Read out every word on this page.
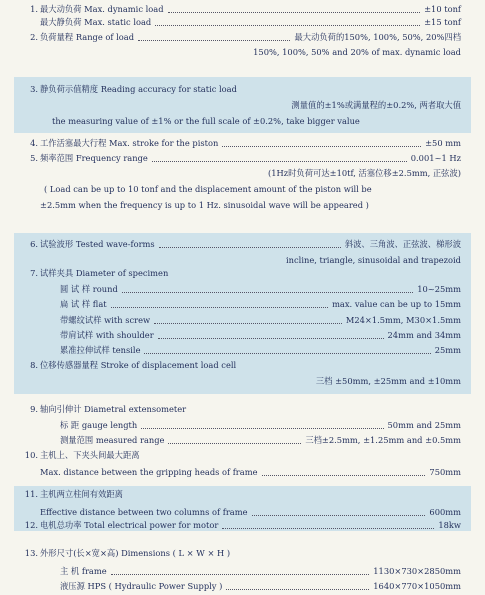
1. 最大动负荷 Max. dynamic load	±10 tonf
最大静负荷 Max. static load	±15 tonf
2. 负荷量程 Range of load	最大动负荷的150%, 100%, 50%, 20%四档
150%, 100%, 50% and 20% of max. dynamic load
3. 静负荷示值精度 Reading accuracy for static load
测量值的±1%或满量程的±0.2%, 两者取大值
the measuring value of ±1% or the full scale of ±0.2%, take bigger value
4. 工作活塞最大行程 Max. stroke for the piston	±50 mm
5. 频率范围 Frequency range	0.001~1 Hz
(1Hz时负荷可达±10tf, 活塞位移±2.5mm, 正弦波)
( Load can be up to 10 tonf and the displacement amount of the piston will be
±2.5mm when the frequency is up to 1 Hz. sinusoidal wave will be appeared )
6. 试验波形 Tested wave-forms	斜波、三角波、正弦波、梯形波
incline, triangle, sinusoidal and trapezoid
7. 试样夹具 Diameter of specimen
圆 试 样 round	10~25mm
扁 试 样 flat	max. value can be up to 15mm
带螺纹试样 with screw	M24×1.5mm, M30×1.5mm
带肩试样 with shoulder	24mm and 34mm
累准拉伸试样 tensile	25mm
8. 位移传感器量程 Stroke of displacement load cell
三档 ±50mm, ±25mm and ±10mm
9. 轴向引伸计 Diametral extensometer
标 距 gauge length	50mm and 25mm
测量范围 measured range	三档±2.5mm, ±1.25mm and ±0.5mm
10. 主机上、下夹头间最大距离
Max. distance between the gripping heads of frame	750mm
11. 主机两立柱间有效距离
Effective distance between two columns of frame	600mm
12. 电机总功率 Total electrical power for motor	18kw
13. 外形尺寸(长×宽×高) Dimensions ( L × W × H )
主 机 frame	1130×730×2850mm
液压源 HPS ( Hydraulic Power Supply )	1640×770×1050mm
